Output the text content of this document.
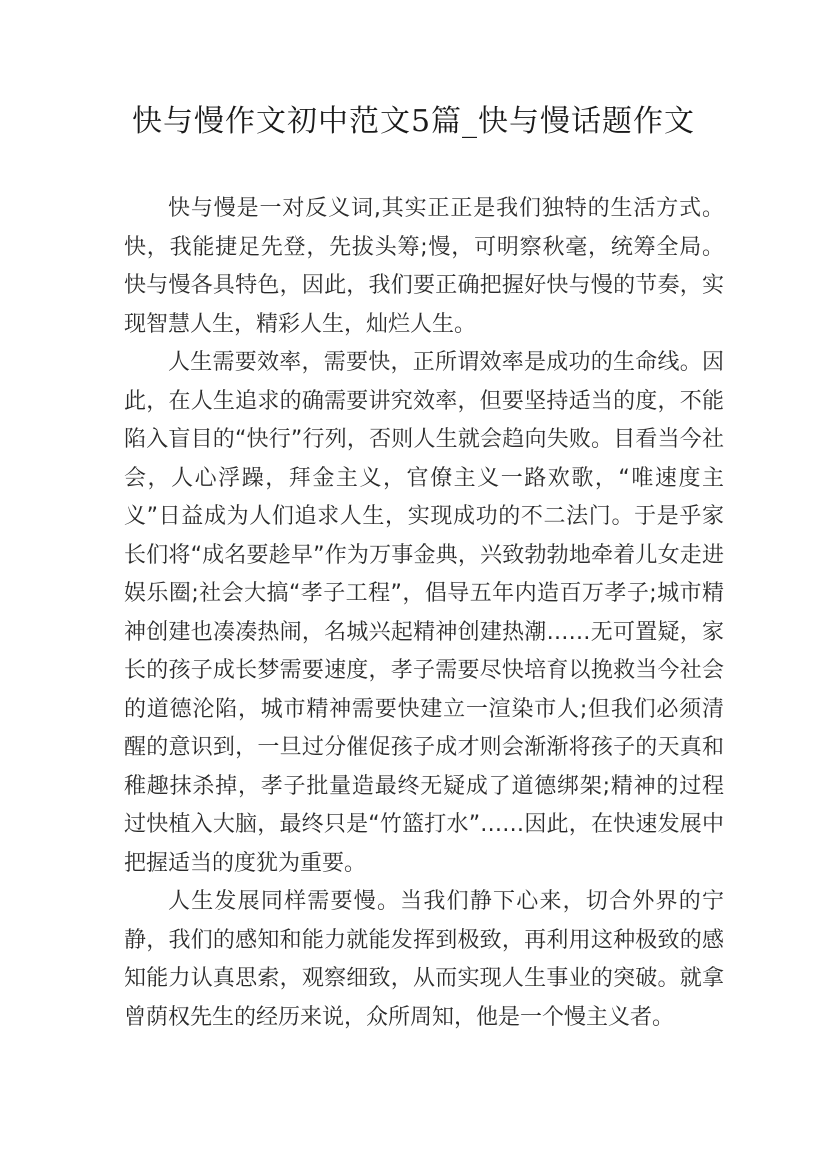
快与慢作文初中范文5篇_快与慢话题作文

快与慢是一对反义词,其实正正是我们独特的生活方式。快，我能捷足先登，先拔头筹;慢，可明察秋毫，统筹全局。快与慢各具特色，因此，我们要正确把握好快与慢的节奏，实现智慧人生，精彩人生，灿烂人生。

人生需要效率，需要快，正所谓效率是成功的生命线。因此，在人生追求的确需要讲究效率，但要坚持适当的度，不能陷入盲目的“快行”行列，否则人生就会趋向失败。目看当今社会，人心浮躁，拜金主义，官僚主义一路欢歌，“唯速度主义”日益成为人们追求人生，实现成功的不二法门。于是乎家长们将“成名要趁早”作为万事金典，兴致勃勃地牵着儿女走进娱乐圈;社会大搞“孝子工程”，倡导五年内造百万孝子;城市精神创建也凑凑热闹，名城兴起精神创建热潮……无可置疑，家长的孩子成长梦需要速度，孝子需要尽快培育以挽救当今社会的道德沦陷，城市精神需要快建立一渲染市人;但我们必须清醒的意识到，一旦过分催促孩子成才则会渐渐将孩子的天真和稚趣抹杀掉，孝子批量造最终无疑成了道德绑架;精神的过程过快植入大脑，最终只是“竹篮打水”……因此，在快速发展中把握适当的度犹为重要。

人生发展同样需要慢。当我们静下心来，切合外界的宁静，我们的感知和能力就能发挥到极致，再利用这种极致的感知能力认真思索，观察细致，从而实现人生事业的突破。就拿曾荫权先生的经历来说，众所周知，他是一个慢主义者。
